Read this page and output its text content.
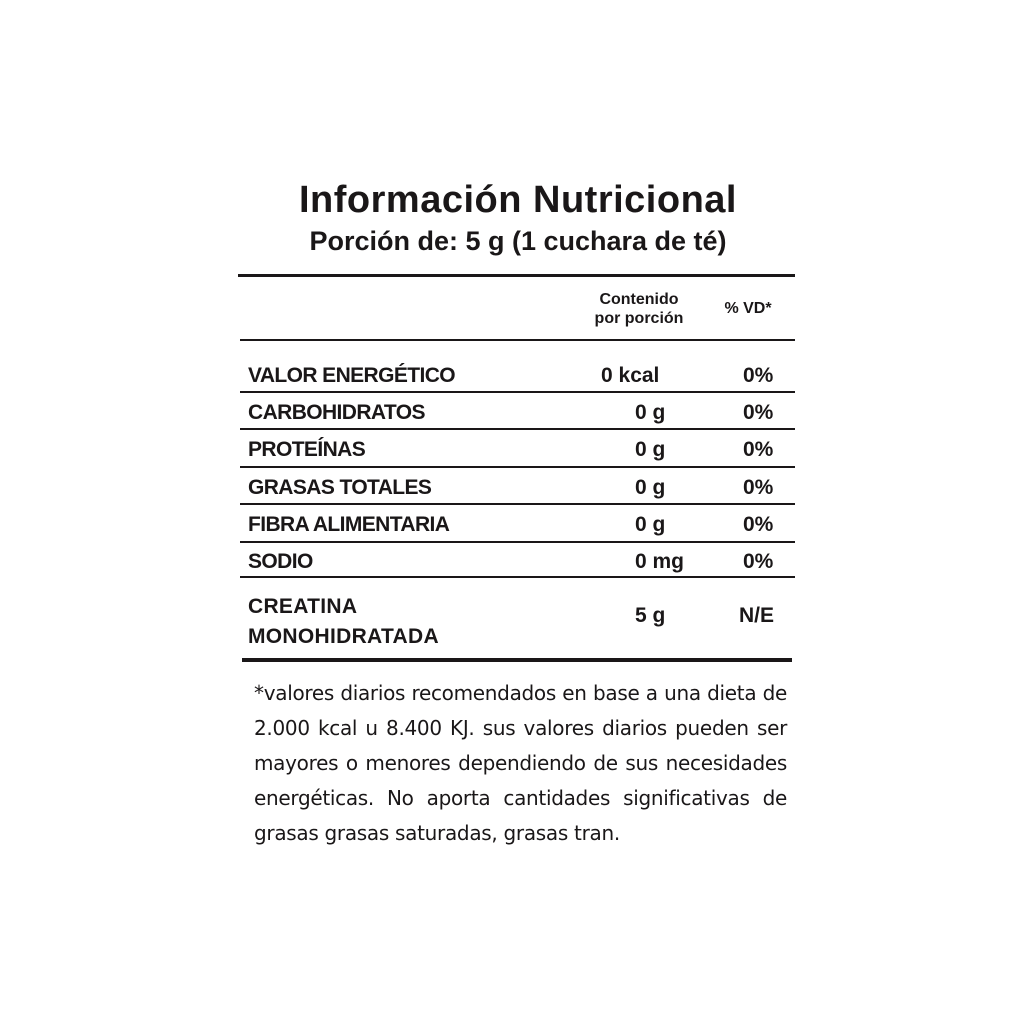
Información Nutricional
Porción de: 5 g (1 cuchara de té)
Contenido
por porción
% VD*
VALOR ENERGÉTICO	0 kcal	0%
CARBOHIDRATOS	0 g	0%
PROTEÍNAS	0 g	0%
GRASAS TOTALES	0 g	0%
FIBRA ALIMENTARIA	0 g	0%
SODIO	0 mg	0%
CREATINA
MONOHIDRATADA
5 g	N/E

*valores diarios recomendados en base a una dieta de 2.000 kcal u 8.400 KJ. sus valores diarios pueden ser mayores o menores dependiendo de sus necesidades energéticas. No aporta cantidades significativas de grasas grasas saturadas, grasas tran.
